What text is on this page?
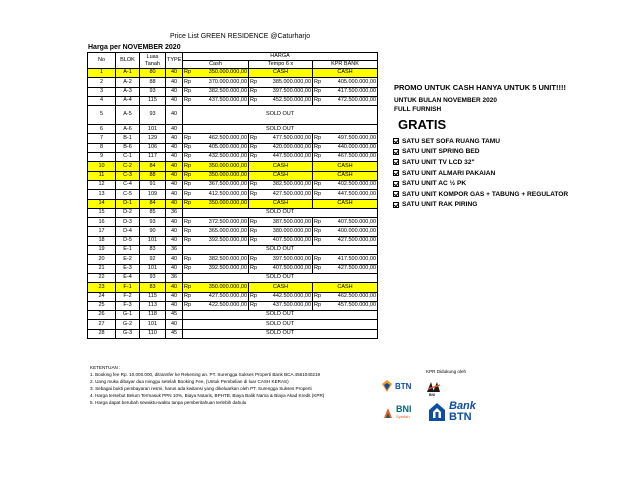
Price List GREEN RESIDENCE @Caturharjo
Harga per NOVEMBER 2020
No	BLOK	Luas Tanah	TYPE	HARGA		
				Cash	Tempo 6 x	KPR BANK
1	A-1	80	40	Rp 350.000.000,00	CASH	CASH
2	A-2	88	40	Rp 370.000.000,00	Rp 385.000.000,00	Rp 405.000.000,00

3	A-3	93	40	Rp 382.500.000,00	Rp 397.500.000,00	Rp 417.500.000,00

4	A-4	115	40	Rp 437.500.000,00	Rp 452.500.000,00	Rp 472.500.000,00

5	A-5	93	40	SOLD OUT		
6	A-6	101	40	SOLD OUT		
7	B-1	129	40	Rp 462.500.000,00	Rp 477.500.000,00	Rp 497.500.000,00

8	B-6	106	40	Rp 405.000.000,00	Rp 420.000.000,00	Rp 440.000.000,00

9	C-1	117	40	Rp 432.500.000,00	Rp 447.500.000,00	Rp 467.500.000,00

10	C-2	84	40	Rp 350.000.000,00	CASH	CASH
11	C-3	88	40	Rp 350.000.000,00	CASH	CASH
12	C-4	91	40	Rp 367.500.000,00	Rp 382.500.000,00	Rp 402.500.000,00

13	C-5	109	40	Rp 412.500.000,00	Rp 427.500.000,00	Rp 447.500.000,00

14	D-1	84	40	Rp 350.000.000,00	CASH	CASH
15	D-2	85	36	SOLD OUT		
16	D-3	93	40	Rp 372.500.000,00	Rp 387.500.000,00	Rp 407.500.000,00

17	D-4	90	40	Rp 365.000.000,00	Rp 380.000.000,00	Rp 400.000.000,00

18	D-5	101	40	Rp 392.500.000,00	Rp 407.500.000,00	Rp 427.500.000,00

19	E-1	83	36	SOLD OUT		
20	E-2	92	40	Rp 382.500.000,00	Rp 397.500.000,00	Rp 417.500.000,00

21	E-3	101	40	Rp 392.500.000,00	Rp 407.500.000,00	Rp 427.500.000,00

22	E-4	93	36	SOLD OUT		
23	F-1	83	40	Rp 350.000.000,00	CASH	CASH
24	F-2	115	40	Rp 427.500.000,00	Rp 442.500.000,00	Rp 462.500.000,00

25	F-3	113	40	Rp 422.500.000,00	Rp 437.500.000,00	Rp 457.500.000,00

26	G-1	118	45	SOLD OUT		
27	G-2	101	40	SOLD OUT		
28	G-3	110	45	SOLD OUT		
PROMO UNTUK CASH HANYA UNTUK 5 UNIT!!!!
UNTUK BULAN NOVEMBER 2020
FULL FURNISH
GRATIS
SATU SET SOFA RUANG TAMU
SATU UNIT SPRING BED
SATU UNIT TV LCD 32"
SATU UNIT ALMARI PAKAIAN
SATU UNIT AC ½ PK
SATU UNIT KOMPOR GAS + TABUNG + REGULATOR
SATU UNIT RAK PIRING
KETENTUAN :
1. Booking fee Rp. 10.000.000, ditransfer ke Rekening an. PT. Surengga Sukses Properti Bank BCA 4561040219
2. Uang muka dibayar dua minggu setelah Booking Fee, (Untuk Pembelian di luar CASH KERAS)
3. Sebagai bukti pembayaran resmi, harus ada kwitansi yang dikeluarkan oleh PT. Surengga Sukses Properti
4. Harga tersebut Belum Termasuk PPN 10%, Biaya Notaris, BPHTB, Biaya Balik Nama & Biaya Akad Kredit (KPR)
5. Harga dapat berubah sewaktu-waktu tanpa pemberitahuan terlebih dahulu
KPR Didukung oleh
BTN
BNI
BNI
Syariah
Bank
BTN
